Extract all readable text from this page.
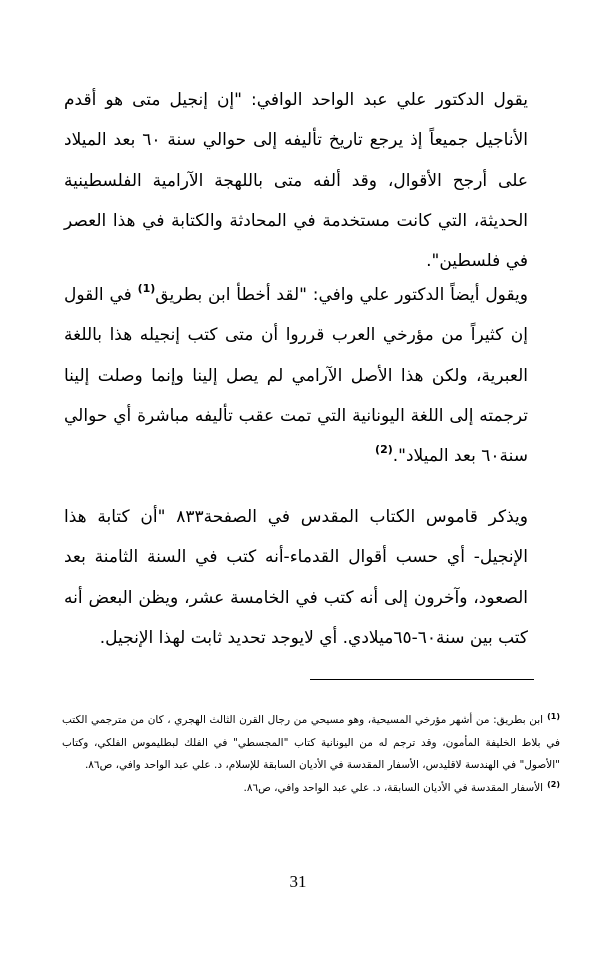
يقول الدكتور علي عبد الواحد الوافي: "إن إنجيل متى هو أقدم الأناجيل جميعاً إذ يرجع تاريخ تأليفه إلى حوالي سنة ٦٠ بعد الميلاد على أرجح الأقوال، وقد ألفه متى باللهجة الآرامية الفلسطينية الحديثة، التي كانت مستخدمة في المحادثة والكتابة في هذا العصر في فلسطين".

ويقول أيضاً الدكتور علي وافي: "لقد أخطأ ابن بطريق$^{(1)}$ في القول إن كثيراً من مؤرخي العرب قرروا أن متى كتب إنجيله هذا باللغة العبرية، ولكن هذا الأصل الآرامي لم يصل إلينا وإنما وصلت إلينا ترجمته إلى اللغة اليونانية التي تمت عقب تأليفه مباشرة أي حوالي سنة٦٠ بعد الميلاد".$^{(2)}$

ويذكر قاموس الكتاب المقدس في الصفحة٨٣٣ "أن كتابة هذا الإنجيل- أي حسب أقوال القدماء-أنه كتب في السنة الثامنة بعد الصعود، وآخرون إلى أنه كتب في الخامسة عشر، ويظن البعض أنه كتب بين سنة٦٠-٦٥ميلادي. أي لايوجد تحديد ثابت لهذا الإنجيل.

$^{(1)}$ابن بطريق: من أشهر مؤرخي المسيحية، وهو مسيحي من رجال القرن الثالث الهجري ، كان من مترجمي الكتب في بلاط الخليفة المأمون، وقد ترجم له من اليونانية كتاب "المجسطي" في الفلك لبطليموس الفلكي، وكتاب "الأصول" في الهندسة لاقليدس، الأسفار المقدسة في الأديان السابقة للإسلام، د. علي عبد الواحد وافي، ص٨٦.

$^{(2)}$الأسفار المقدسة في الأديان السابقة، د. علي عبد الواحد وافي، ص٨٦.

31
